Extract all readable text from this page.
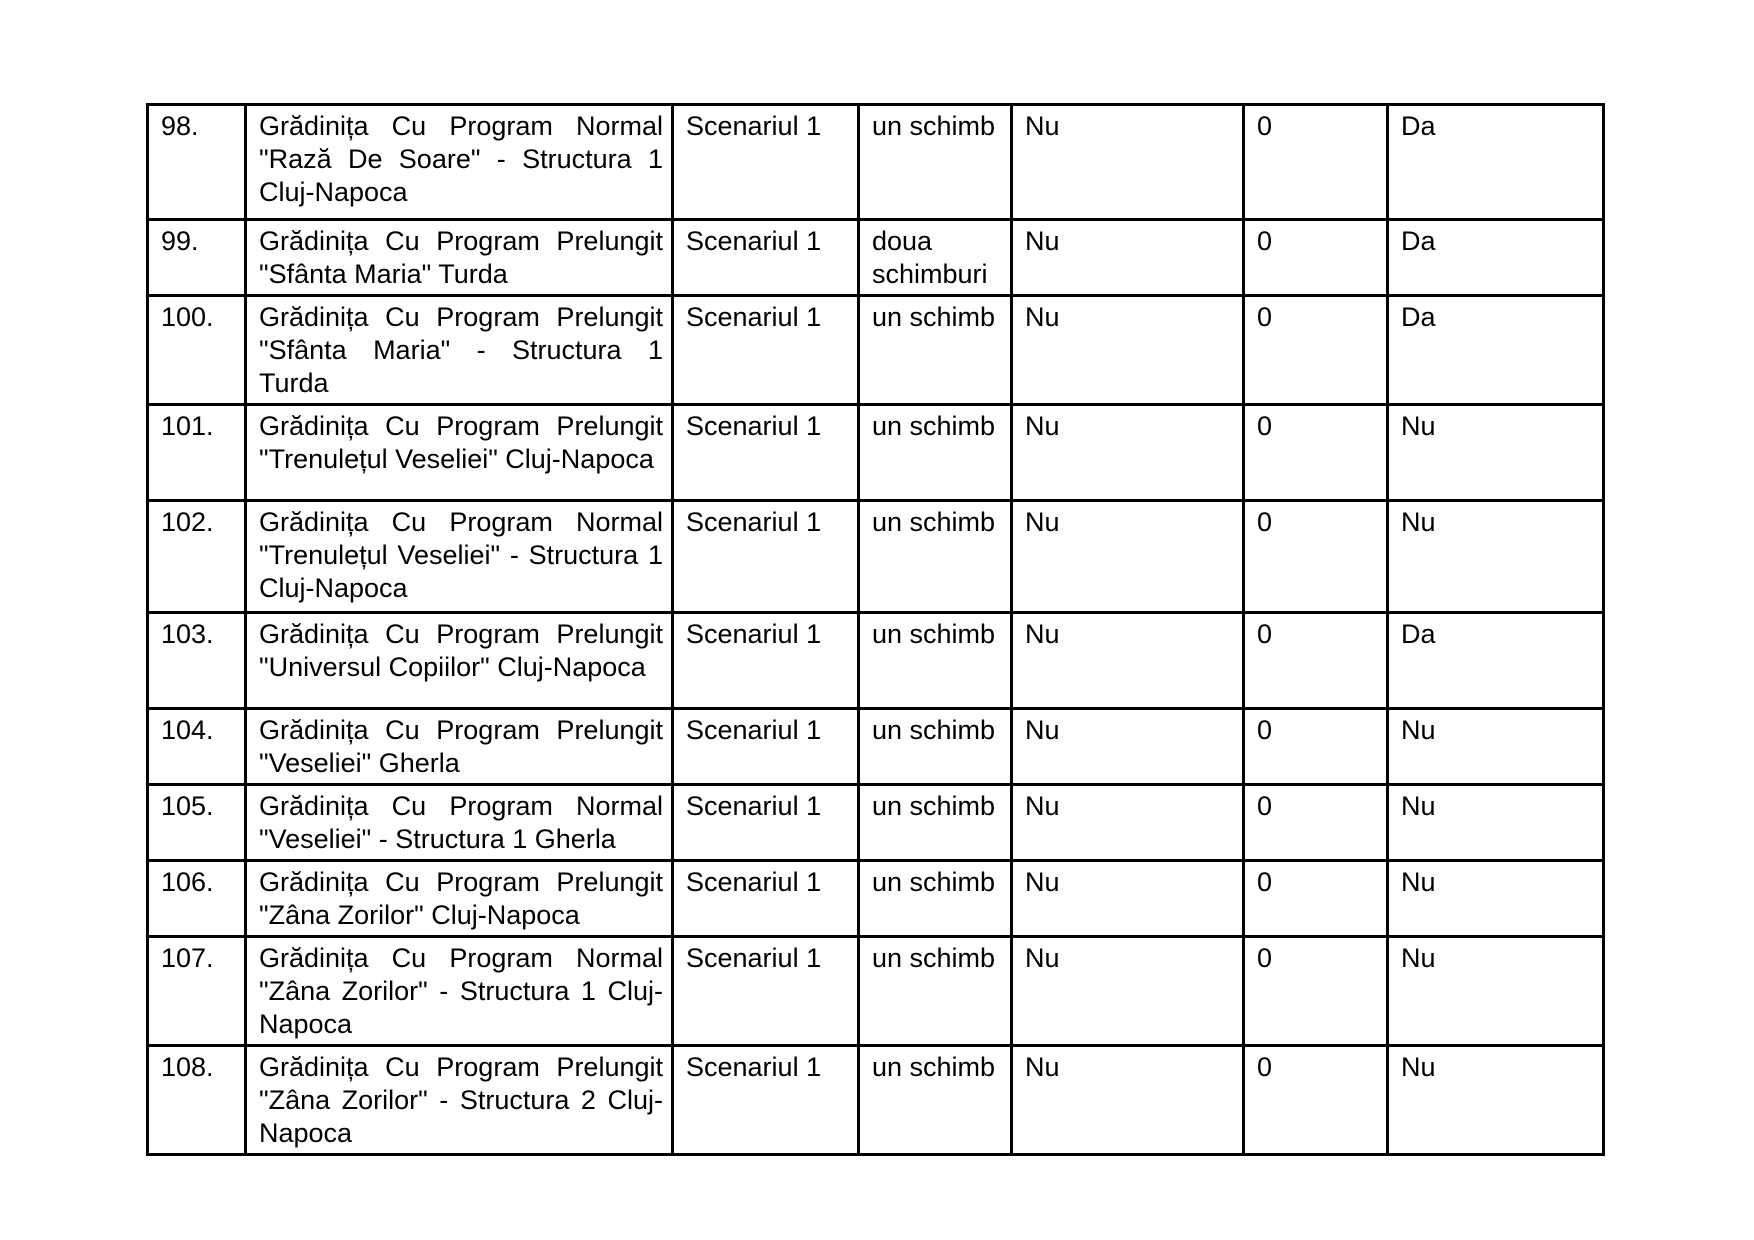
98.	Grădinița Cu Program Normal "Rază De Soare" - Structura 1 Cluj-Napoca	Scenariul 1	un schimb	Nu	0	Da
99.	Grădinița Cu Program Prelungit "Sfânta Maria" Turda	Scenariul 1	doua schimburi	Nu	0	Da
100.	Grădinița Cu Program Prelungit "Sfânta Maria" - Structura 1 Turda	Scenariul 1	un schimb	Nu	0	Da
101.	Grădinița Cu Program Prelungit "Trenulețul Veseliei" Cluj-Napoca	Scenariul 1	un schimb	Nu	0	Nu
102.	Grădinița Cu Program Normal "Trenulețul Veseliei" - Structura 1 Cluj-Napoca	Scenariul 1	un schimb	Nu	0	Nu
103.	Grădinița Cu Program Prelungit "Universul Copiilor" Cluj-Napoca	Scenariul 1	un schimb	Nu	0	Da
104.	Grădinița Cu Program Prelungit "Veseliei" Gherla	Scenariul 1	un schimb	Nu	0	Nu
105.	Grădinița Cu Program Normal "Veseliei" - Structura 1 Gherla	Scenariul 1	un schimb	Nu	0	Nu
106.	Grădinița Cu Program Prelungit "Zâna Zorilor" Cluj-Napoca	Scenariul 1	un schimb	Nu	0	Nu
107.	Grădinița Cu Program Normal "Zâna Zorilor" - Structura 1 Cluj-Napoca	Scenariul 1	un schimb	Nu	0	Nu
108.	Grădinița Cu Program Prelungit "Zâna Zorilor" - Structura 2 Cluj-Napoca	Scenariul 1	un schimb	Nu	0	Nu
